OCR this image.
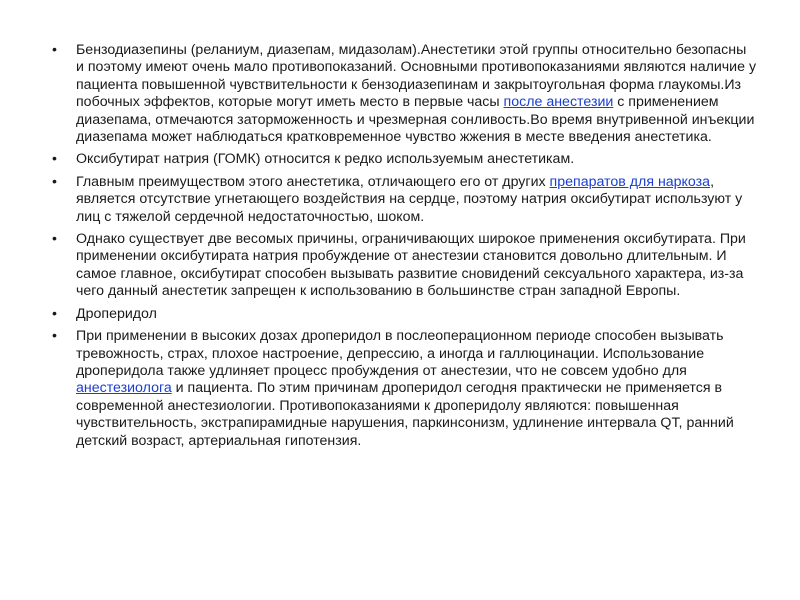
•	Бензодиазепины (реланиум, диазепам, мидазолам).Анестетики этой группы относительно безопасны и поэтому имеют очень мало противопоказаний. Основными противопоказаниями являются наличие у пациента повышенной чувствительности к бензодиазепинам и закрытоугольная форма глаукомы.Из побочных эффектов, которые могут иметь место в первые часы после анестезии с применением диазепама, отмечаются заторможенность и чрезмерная сонливость.Во время внутривенной инъекции диазепама может наблюдаться кратковременное чувство жжения в месте введения анестетика.
•	Оксибутират натрия (ГОМК) относится к редко используемым анестетикам.
•	Главным преимуществом этого анестетика, отличающего его от других препаратов для наркоза, является отсутствие угнетающего воздействия на сердце, поэтому натрия оксибутират используют у лиц с тяжелой сердечной недостаточностью, шоком.
•	Однако существует две весомых причины, ограничивающих широкое применения оксибутирата. При применении оксибутирата натрия пробуждение от анестезии становится довольно длительным. И самое главное, оксибутират способен вызывать развитие сновидений сексуального характера, из-за чего данный анестетик запрещен к использованию в большинстве стран западной Европы.
•	Дроперидол
•	При применении в высоких дозах дроперидол в послеоперационном периоде способен вызывать тревожность, страх, плохое настроение, депрессию, а иногда и галлюцинации. Использование дроперидола также удлиняет процесс пробуждения от анестезии, что не совсем удобно для анестезиолога и пациента. По этим причинам дроперидол сегодня практически не применяется в современной анестезиологии. Противопоказаниями к дроперидолу являются: повышенная чувствительность, экстрапирамидные нарушения, паркинсонизм, удлинение интервала QT, ранний детский возраст, артериальная гипотензия.
